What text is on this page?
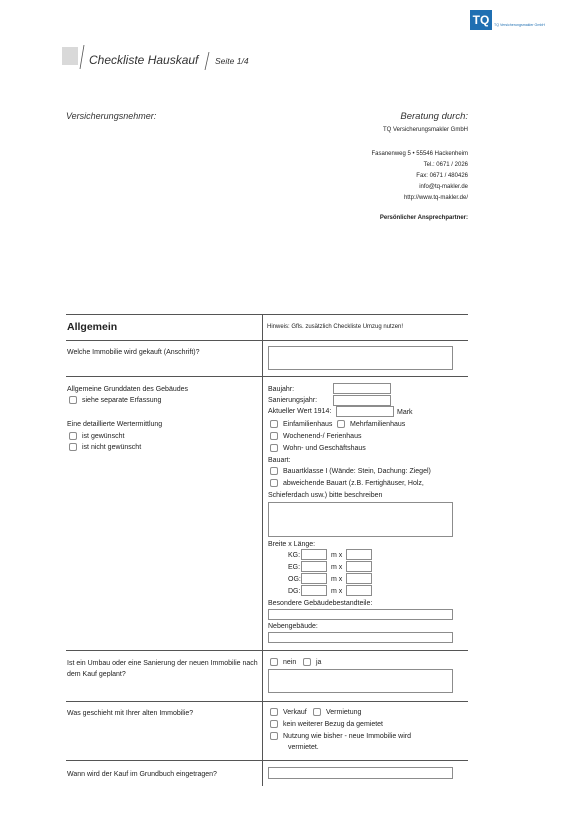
TQ	TQ Versicherungsmakler GmbH
Checkliste Hauskauf Seite 1/4
Versicherungsnehmer:	Beratung durch:
TQ Versicherungsmakler GmbH
Fasanenweg 5 • 55546 Hackenheim
Tel.: 0671 / 2026
Fax: 0671 / 480426
info@tq-makler.de
http://www.tq-makler.de/
Persönlicher Ansprechpartner:
Allgemein	Hinweis: Gfls. zusätzlich Checkliste Umzug nutzen!
Welche Immobilie wird gekauft (Anschrift)?
Allgemeine Grunddaten des Gebäudes
siehe separate Erfassung
Eine detaillierte Wertermittlung
ist gewünscht
ist nicht gewünscht
Baujahr:
Sanierungsjahr:
Aktueller Wert 1914:	Mark
Einfamilienhaus	Mehrfamilienhaus
Wochenend-/ Ferienhaus
Wohn- und Geschäftshaus
Bauart:
Bauartklasse I (Wände: Stein, Dachung: Ziegel)
abweichende Bauart (z.B. Fertighäuser, Holz,
Schieferdach usw.) bitte beschreiben
Breite x Länge:
KG:	m x
EG:	m x
OG:	m x
DG:	m x
Besondere Gebäudebestandteile:
Nebengebäude:
Ist ein Umbau oder eine Sanierung der neuen Immobilie nach
dem Kauf geplant?
nein	ja
Was geschieht mit Ihrer alten Immobilie?	Verkauf	Vermietung
kein weiterer Bezug da gemietet
Nutzung wie bisher - neue Immobilie wird
vermietet.
Wann wird der Kauf im Grundbuch eingetragen?
